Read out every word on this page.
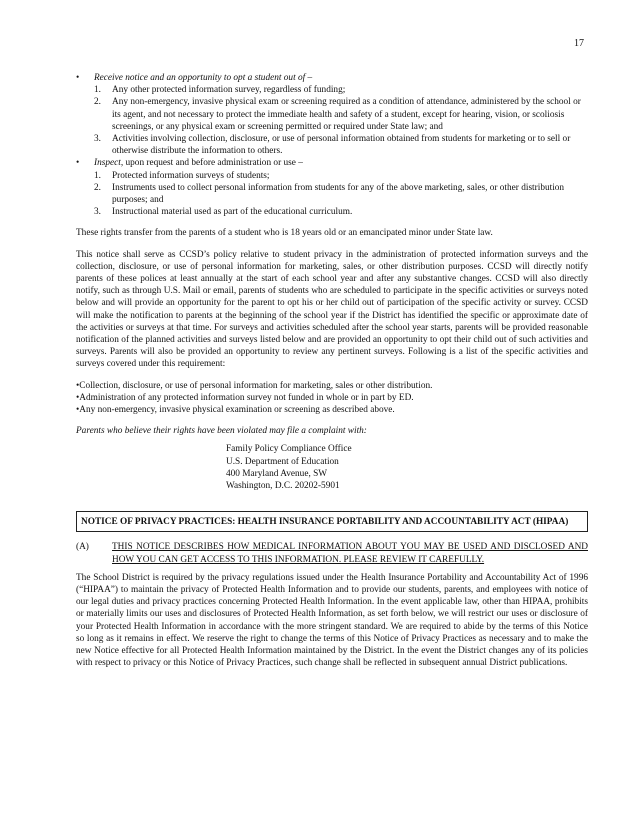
17
• Receive notice and an opportunity to opt a student out of –
1. Any other protected information survey, regardless of funding;
2. Any non-emergency, invasive physical exam or screening required as a condition of attendance, administered by the school or its agent, and not necessary to protect the immediate health and safety of a student, except for hearing, vision, or scoliosis screenings, or any physical exam or screening permitted or required under State law; and
3. Activities involving collection, disclosure, or use of personal information obtained from students for marketing or to sell or otherwise distribute the information to others.
• Inspect, upon request and before administration or use –
1. Protected information surveys of students;
2. Instruments used to collect personal information from students for any of the above marketing, sales, or other distribution purposes; and
3. Instructional material used as part of the educational curriculum.

These rights transfer from the parents of a student who is 18 years old or an emancipated minor under State law.

This notice shall serve as CCSD’s policy relative to student privacy in the administration of protected information surveys and the collection, disclosure, or use of personal information for marketing, sales, or other distribution purposes. CCSD will directly notify parents of these polices at least annually at the start of each school year and after any substantive changes. CCSD will also directly notify, such as through U.S. Mail or email, parents of students who are scheduled to participate in the specific activities or surveys noted below and will provide an opportunity for the parent to opt his or her child out of participation of the specific activity or survey. CCSD will make the notification to parents at the beginning of the school year if the District has identified the specific or approximate date of the activities or surveys at that time. For surveys and activities scheduled after the school year starts, parents will be provided reasonable notification of the planned activities and surveys listed below and are provided an opportunity to opt their child out of such activities and surveys. Parents will also be provided an opportunity to review any pertinent surveys. Following is a list of the specific activities and surveys covered under this requirement:

•Collection, disclosure, or use of personal information for marketing, sales or other distribution.

•Administration of any protected information survey not funded in whole or in part by ED.

•Any non-emergency, invasive physical examination or screening as described above.

Parents who believe their rights have been violated may file a complaint with:

Family Policy Compliance Office
U.S. Department of Education
400 Maryland Avenue, SW
Washington, D.C. 20202-5901
NOTICE OF PRIVACY PRACTICES: HEALTH INSURANCE PORTABILITY AND ACCOUNTABILITY ACT (HIPAA)
(A) THIS NOTICE DESCRIBES HOW MEDICAL INFORMATION ABOUT YOU MAY BE USED AND DISCLOSED AND HOW YOU CAN GET ACCESS TO THIS INFORMATION. PLEASE REVIEW IT CAREFULLY.

The School District is required by the privacy regulations issued under the Health Insurance Portability and Accountability Act of 1996 (“HIPAA”) to maintain the privacy of Protected Health Information and to provide our students, parents, and employees with notice of our legal duties and privacy practices concerning Protected Health Information. In the event applicable law, other than HIPAA, prohibits or materially limits our uses and disclosures of Protected Health Information, as set forth below, we will restrict our uses or disclosure of your Protected Health Information in accordance with the more stringent standard. We are required to abide by the terms of this Notice so long as it remains in effect. We reserve the right to change the terms of this Notice of Privacy Practices as necessary and to make the new Notice effective for all Protected Health Information maintained by the District. In the event the District changes any of its policies with respect to privacy or this Notice of Privacy Practices, such change shall be reflected in subsequent annual District publications.
